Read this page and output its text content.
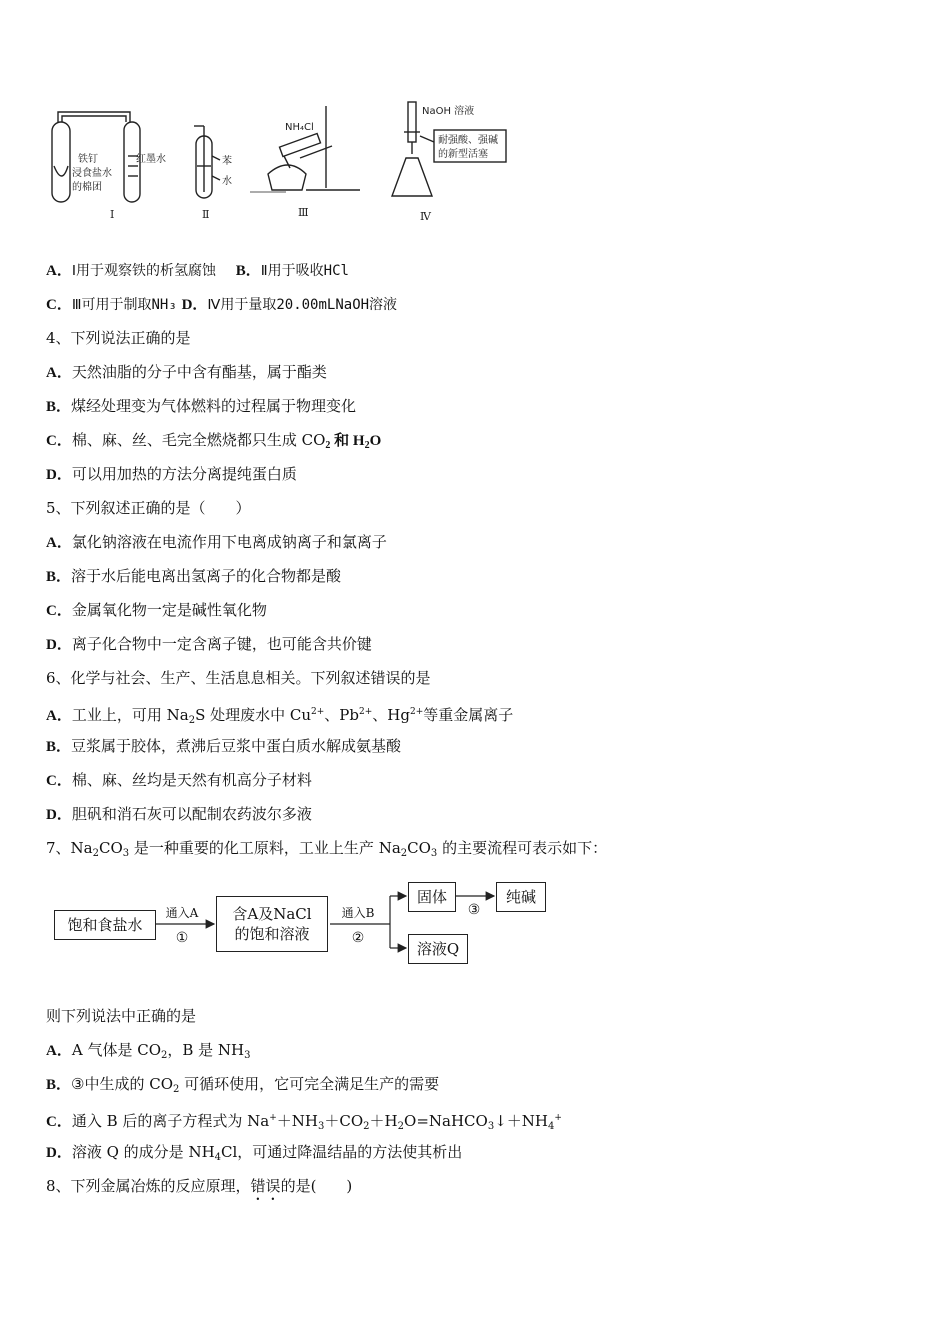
铁钉
浸食盐水
的棉团
红墨水
Ⅰ
苯
水
Ⅱ
NH₄Cl
Ⅲ
NaOH 溶液
耐强酸、强碱
的新型活塞
Ⅳ
A．Ⅰ用于观察铁的析氢腐蚀　 B．Ⅱ用于吸收HCl
C．Ⅲ可用于制取NH₃ D．Ⅳ用于量取20.00mLNaOH溶液
4、下列说法正确的是
A．天然油脂的分子中含有酯基，属于酯类
B．煤经处理变为气体燃料的过程属于物理变化
C．棉、麻、丝、毛完全燃烧都只生成 $CO_2$ 和 $H_2O$
D．可以用加热的方法分离提纯蛋白质
5、下列叙述正确的是（　　）
A．氯化钠溶液在电流作用下电离成钠离子和氯离子
B．溶于水后能电离出氢离子的化合物都是酸
C．金属氧化物一定是碱性氧化物
D．离子化合物中一定含离子键，也可能含共价键
6、化学与社会、生产、生活息息相关。下列叙述错误的是
A．工业上，可用 $Na_2S$ 处理废水中 $Cu^{2+}$、$Pb^{2+}$、$Hg^{2+}$等重金属离子
B．豆浆属于胶体，煮沸后豆浆中蛋白质水解成氨基酸
C．棉、麻、丝均是天然有机高分子材料
D．胆矾和消石灰可以配制农药波尔多液
7、$Na_2CO_3$ 是一种重要的化工原料，工业上生产 $Na_2CO_3$ 的主要流程可表示如下：
饱和食盐水
通入A
①
含A及NaCl
的饱和溶液
通入B
②
固体
③
纯碱
溶液Q
则下列说法中正确的是
A．A 气体是 $CO_2$，B 是 $NH_3$
B．③中生成的 $CO_2$ 可循环使用，它可完全满足生产的需要
C．通入 B 后的离子方程式为 $Na^++NH_3+CO_2+H_2O=NaHCO_3↓+NH_4^+$
D．溶液 Q 的成分是 $NH_4Cl$，可通过降温结晶的方法使其析出
8、下列金属冶炼的反应原理，错误的是(　　)
